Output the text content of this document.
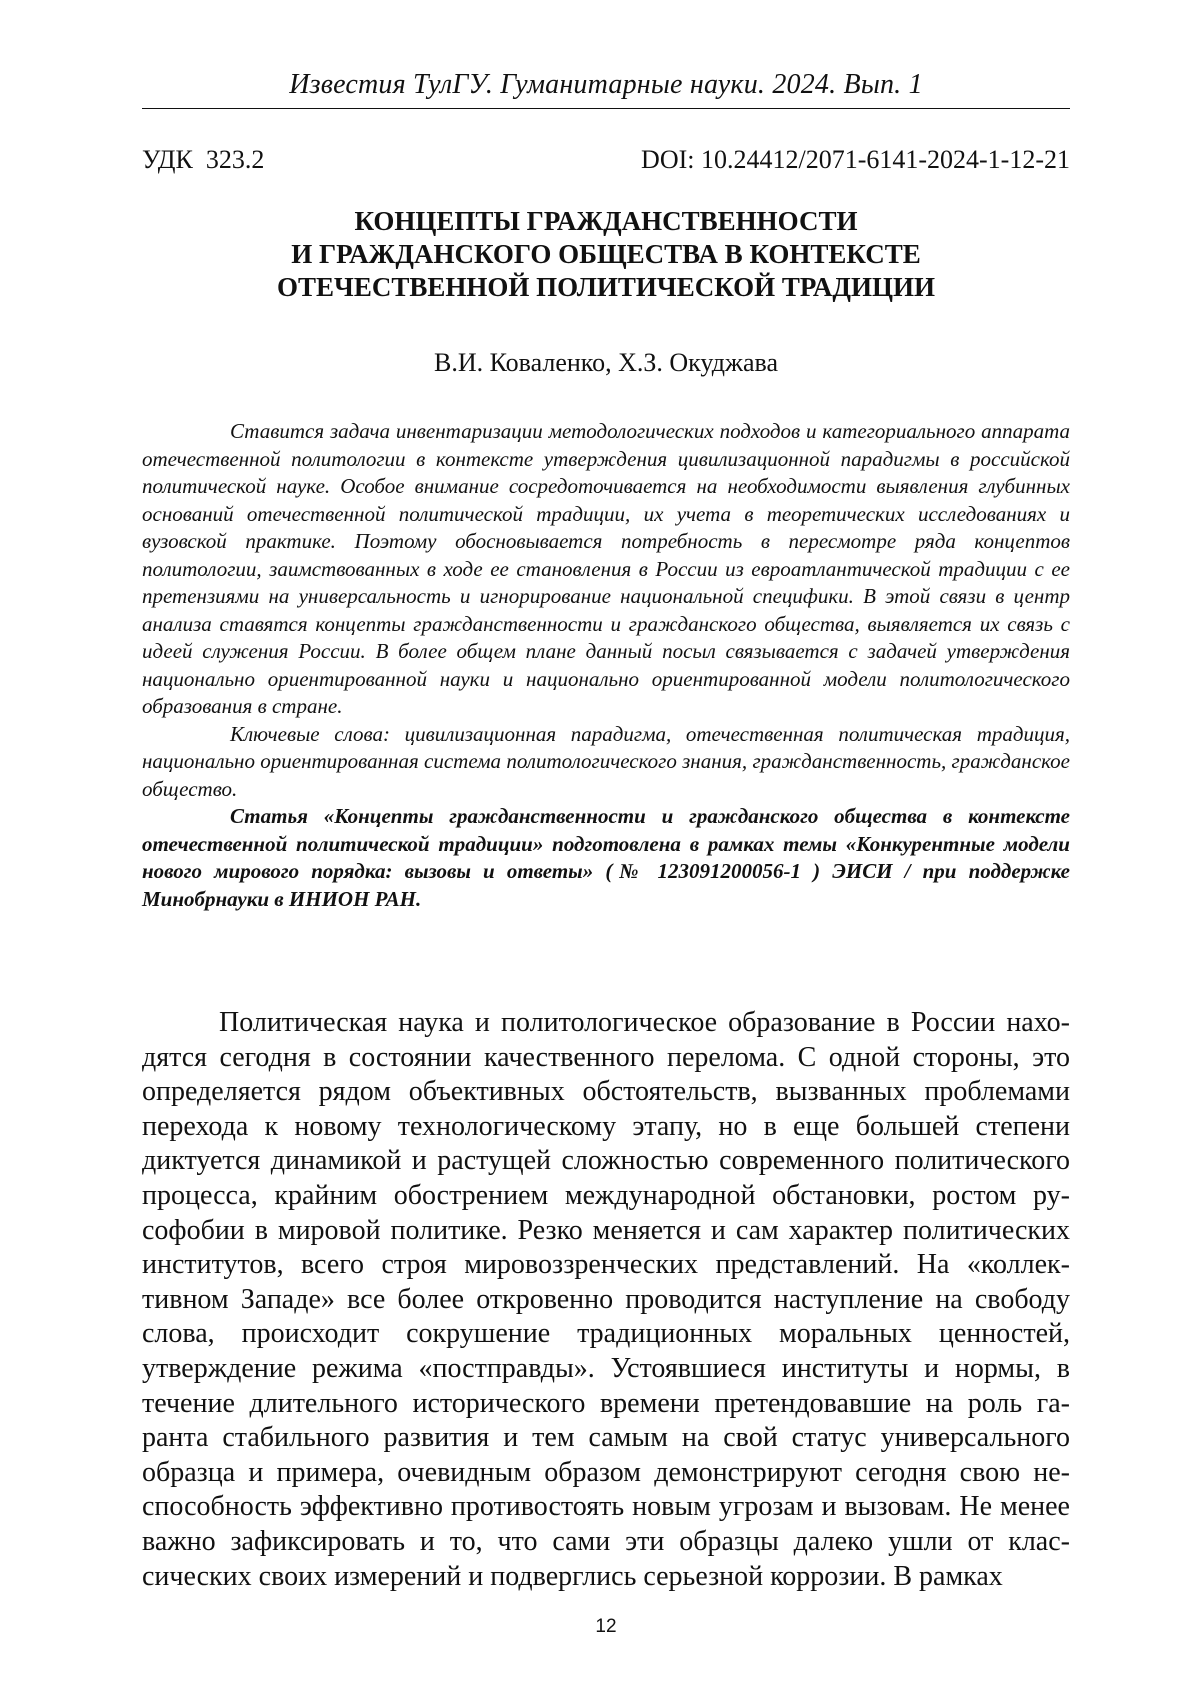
Известия ТулГУ. Гуманитарные науки. 2024. Вып. 1
УДК  323.2	DOI: 10.24412/2071-6141-2024-1-12-21
КОНЦЕПТЫ ГРАЖДАНСТВЕННОСТИ
И ГРАЖДАНСКОГО ОБЩЕСТВА В КОНТЕКСТЕ
ОТЕЧЕСТВЕННОЙ ПОЛИТИЧЕСКОЙ ТРАДИЦИИ
В.И. Коваленко, Х.З. Окуджава

Ставится задача инвентаризации методологических подходов и категориального аппарата отечественной политологии в контексте утверждения цивилизационной парадигмы в российской политической науке. Особое внимание сосредоточивается на необходимости выявления глубинных оснований отечественной политической традиции, их учета в теоретических исследованиях и вузовской практике. Поэтому обосновывается потребность в пересмотре ряда концептов политологии, заимствованных в ходе ее становления в России из евроатлантической традиции с ее претензиями на универсальность и игнорирование национальной специфики. В этой связи в центр анализа ставятся концепты гражданственности и гражданского общества, выявляется их связь с идеей служения России. В более общем плане данный посыл связывается с задачей утверждения национально ориентированной науки и национально ориентированной модели политологического образования в стране.

Ключевые слова: цивилизационная парадигма, отечественная политическая традиция, национально ориентированная система политологического знания, гражданственность, гражданское общество.

Статья «Концепты гражданственности и гражданского общества в контексте отечественной политической традиции» подготовлена в рамках темы «Конкурентные модели нового мирового порядка: вызовы и ответы» (№ 123091200056-1 ) ЭИСИ / при поддержке Минобрнауки в ИНИОН РАН.

Политическая наука и политологическое образование в России находятся сегодня в состоянии качественного перелома. С одной стороны, это определяется рядом объективных обстоятельств, вызванных проблемами перехода к новому технологическому этапу, но в еще большей степени диктуется динамикой и растущей сложностью современного политического процесса, крайним обострением международной обстановки, ростом русофобии в мировой политике. Резко меняется и сам характер политических институтов, всего строя мировоззренческих представлений. На «коллективном Западе» все более откровенно проводится наступление на свободу слова, происходит сокрушение традиционных моральных ценностей, утверждение режима «постправды». Устоявшиеся институты и нормы, в течение длительного исторического времени претендовавшие на роль гаранта стабильного развития и тем самым на свой статус универсального образца и примера, очевидным образом демонстрируют сегодня свою неспособность эффективно противостоять новым угрозам и вызовам. Не менее важно зафиксировать и то, что сами эти образцы далеко ушли от классических своих измерений и подверглись серьезной коррозии. В рамках

12
